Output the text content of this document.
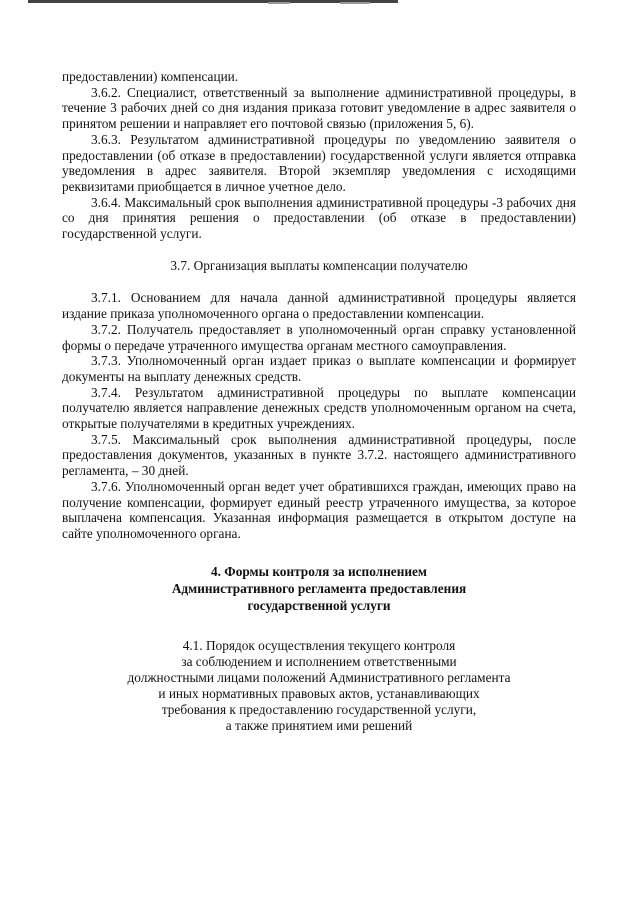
предоставлении) компенсации.

3.6.2. Специалист, ответственный за выполнение административной процедуры, в течение 3 рабочих дней со дня издания приказа готовит уведомление в адрес заявителя о принятом решении и направляет его почтовой связью (приложения 5, 6).

3.6.3. Результатом административной процедуры по уведомлению заявителя о предоставлении (об отказе в предоставлении) государственной услуги является отправка уведомления в адрес заявителя. Второй экземпляр уведомления с исходящими реквизитами приобщается в личное учетное дело.

3.6.4. Максимальный срок выполнения административной процедуры -3 рабочих дня со дня принятия решения о предоставлении (об отказе в предоставлении) государственной услуги.

3.7. Организация выплаты компенсации получателю

3.7.1. Основанием для начала данной административной процедуры является издание приказа уполномоченного органа о предоставлении компенсации.

3.7.2. Получатель предоставляет в уполномоченный орган справку установленной формы о передаче утраченного имущества органам местного самоуправления.

3.7.3. Уполномоченный орган издает приказ о выплате компенсации и формирует документы на выплату денежных средств.

3.7.4. Результатом административной процедуры по выплате компенсации получателю является направление денежных средств уполномоченным органом на счета, открытые получателями в кредитных учреждениях.

3.7.5. Максимальный срок выполнения административной процедуры, после предоставления документов, указанных в пункте 3.7.2. настоящего административного регламента, – 30 дней.

3.7.6. Уполномоченный орган ведет учет обратившихся граждан, имеющих право на получение компенсации, формирует единый реестр утраченного имущества, за которое выплачена компенсация. Указанная информация размещается в открытом доступе на сайте уполномоченного органа.

4. Формы контроля за исполнением
Административного регламента предоставления
государственной услуги
4.1. Порядок осуществления текущего контроля
за соблюдением и исполнением ответственными
должностными лицами положений Административного регламента
и иных нормативных правовых актов, устанавливающих
требования к предоставлению государственной услуги,
а также принятием ими решений
